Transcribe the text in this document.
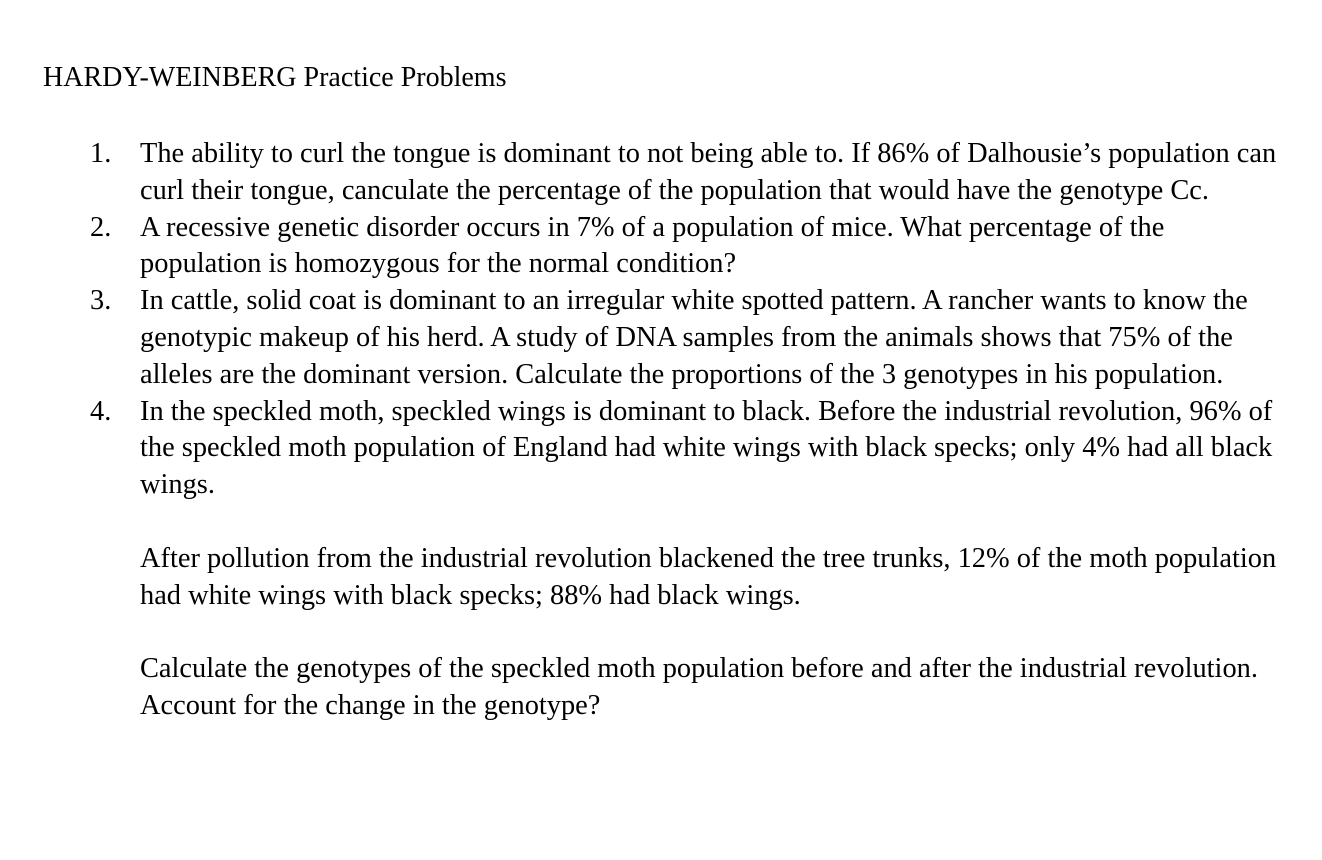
HARDY-WEINBERG Practice Problems
1. The ability to curl the tongue is dominant to not being able to. If 86% of Dalhousie’s population can curl their tongue, canculate the percentage of the population that would have the genotype Cc.

2. A recessive genetic disorder occurs in 7% of a population of mice. What percentage of the population is homozygous for the normal condition?

3. In cattle, solid coat is dominant to an irregular white spotted pattern. A rancher wants to know the genotypic makeup of his herd. A study of DNA samples from the animals shows that 75% of the alleles are the dominant version. Calculate the proportions of the 3 genotypes in his population.

4. In the speckled moth, speckled wings is dominant to black. Before the industrial revolution, 96% of the speckled moth population of England had white wings with black specks; only 4% had all black wings.

After pollution from the industrial revolution blackened the tree trunks, 12% of the moth population had white wings with black specks; 88% had black wings.

Calculate the genotypes of the speckled moth population before and after the industrial revolution. Account for the change in the genotype?
